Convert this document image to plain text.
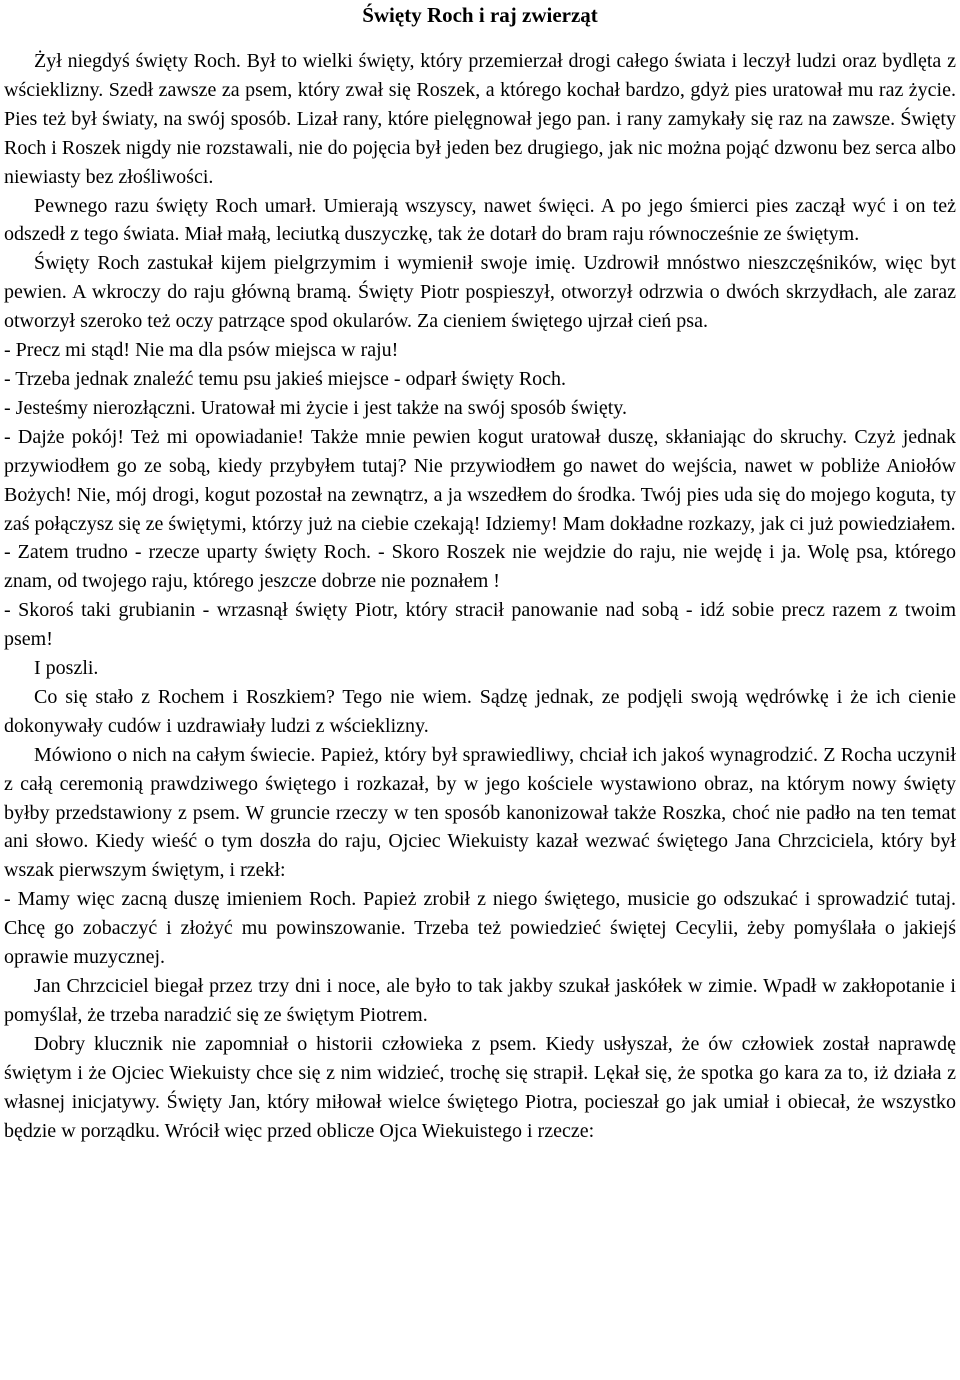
Święty Roch i raj zwierząt

Żył niegdyś święty Roch. Był to wielki święty, który przemierzał drogi całego świata i leczył ludzi oraz bydlęta z wścieklizny. Szedł zawsze za psem, który zwał się Roszek, a którego kochał bardzo, gdyż pies uratował mu raz życie. Pies też był światy, na swój sposób. Lizał rany, które pielęgnował jego pan. i rany zamykały się raz na zawsze. Święty Roch i Roszek nigdy nie rozstawali, nie do pojęcia był jeden bez drugiego, jak nic można pojąć dzwonu bez serca albo niewiasty bez złośliwości.

Pewnego razu święty Roch umarł. Umierają wszyscy, nawet święci. A po jego śmierci pies zaczął wyć i on też odszedł z tego świata. Miał małą, leciutką duszyczkę, tak że dotarł do bram raju równocześnie ze świętym.

Święty Roch zastukał kijem pielgrzymim i wymienił swoje imię. Uzdrowił mnóstwo nieszczęśników, więc byt pewien. A wkroczy do raju główną bramą. Święty Piotr pospieszył, otworzył odrzwia o dwóch skrzydłach, ale zaraz otworzył szeroko też oczy patrzące spod okularów. Za cieniem świętego ujrzał cień psa.

- Precz mi stąd! Nie ma dla psów miejsca w raju!

- Trzeba jednak znaleźć temu psu jakieś miejsce - odparł święty Roch.

- Jesteśmy nierozłączni. Uratował mi życie i jest także na swój sposób święty.

- Dajże pokój! Też mi opowiadanie! Także mnie pewien kogut uratował duszę, skłaniając do skruchy. Czyż jednak przywiodłem go ze sobą, kiedy przybyłem tutaj? Nie przywiodłem go nawet do wejścia, nawet w pobliże Aniołów Bożych! Nie, mój drogi, kogut pozostał na zewnątrz, a ja wszedłem do środka. Twój pies uda się do mojego koguta, ty zaś połączysz się ze świętymi, którzy już na ciebie czekają! Idziemy! Mam dokładne rozkazy, jak ci już powiedziałem.

- Zatem trudno - rzecze uparty święty Roch. - Skoro Roszek nie wejdzie do raju, nie wejdę i ja. Wolę psa, którego znam, od twojego raju, którego jeszcze dobrze nie poznałem !

- Skoroś taki grubianin - wrzasnął święty Piotr, który stracił panowanie nad sobą - idź sobie precz razem z twoim psem!

I poszli.

Co się stało z Rochem i Roszkiem? Tego nie wiem. Sądzę jednak, ze podjęli swoją wędrówkę i że ich cienie dokonywały cudów i uzdrawiały ludzi z wścieklizny.

Mówiono o nich na całym świecie. Papież, który był sprawiedliwy, chciał ich jakoś wynagrodzić. Z Rocha uczynił z całą ceremonią prawdziwego świętego i rozkazał, by w jego kościele wystawiono obraz, na którym nowy święty byłby przedstawiony z psem. W gruncie rzeczy w ten sposób kanonizował także Roszka, choć nie padło na ten temat ani słowo. Kiedy wieść o tym doszła do raju, Ojciec Wiekuisty kazał wezwać świętego Jana Chrzciciela, który był wszak pierwszym świętym, i rzekł:

- Mamy więc zacną duszę imieniem Roch. Papież zrobił z niego świętego, musicie go odszukać i sprowadzić tutaj. Chcę go zobaczyć i złożyć mu powinszowanie. Trzeba też powiedzieć świętej Cecylii, żeby pomyślała o jakiejś oprawie muzycznej.

Jan Chrzciciel biegał przez trzy dni i noce, ale było to tak jakby szukał jaskółek w zimie. Wpadł w zakłopotanie i pomyślał, że trzeba naradzić się ze świętym Piotrem.

Dobry klucznik nie zapomniał o historii człowieka z psem. Kiedy usłyszał, że ów człowiek został naprawdę świętym i że Ojciec Wiekuisty chce się z nim widzieć, trochę się strapił. Lękał się, że spotka go kara za to, iż działa z własnej inicjatywy. Święty Jan, który miłował wielce świętego Piotra, pocieszał go jak umiał i obiecał, że wszystko będzie w porządku. Wrócił więc przed oblicze Ojca Wiekuistego i rzecze:
